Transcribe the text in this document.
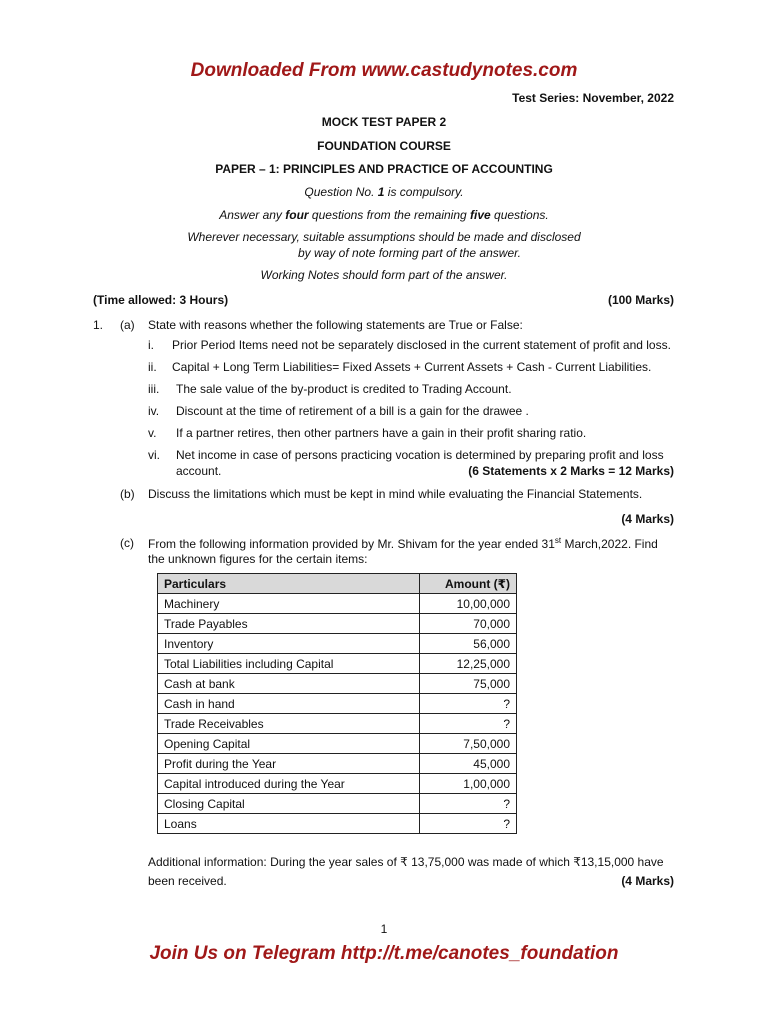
Downloaded From www.castudynotes.com
Test Series: November, 2022
MOCK TEST PAPER 2
FOUNDATION COURSE
PAPER – 1: PRINCIPLES AND PRACTICE OF ACCOUNTING
Question No. 1 is compulsory.
Answer any four questions from the remaining five questions.
Wherever necessary, suitable assumptions should be made and disclosed
by way of note forming part of the answer.
Working Notes should form part of the answer.
(Time allowed: 3 Hours)	(100 Marks)
1. (a) State with reasons whether the following statements are True or False:
i. Prior Period Items need not be separately disclosed in the current statement of profit and loss.
ii. Capital + Long Term Liabilities= Fixed Assets + Current Assets + Cash - Current Liabilities.
iii. The sale value of the by-product is credited to Trading Account.
iv. Discount at the time of retirement of a bill is a gain for the drawee .
v. If a partner retires, then other partners have a gain in their profit sharing ratio.
vi. Net income in case of persons practicing vocation is determined by preparing profit and loss
account.	(6 Statements x 2 Marks = 12 Marks)
(b) Discuss the limitations which must be kept in mind while evaluating the Financial Statements.
(4 Marks)
(c) From the following information provided by Mr. Shivam for the year ended 31st March,2022. Find
the unknown figures for the certain items:
Particulars	Amount (₹)
Machinery	10,00,000
Trade Payables	70,000
Inventory	56,000
Total Liabilities including Capital	12,25,000
Cash at bank	75,000
Cash in hand	?
Trade Receivables	?
Opening Capital	7,50,000
Profit during the Year	45,000
Capital introduced during the Year	1,00,000
Closing Capital	?
Loans	?
Additional information: During the year sales of ₹ 13,75,000 was made of which ₹13,15,000 have
been received.	(4 Marks)
1
Join Us on Telegram http://t.me/canotes_foundation
